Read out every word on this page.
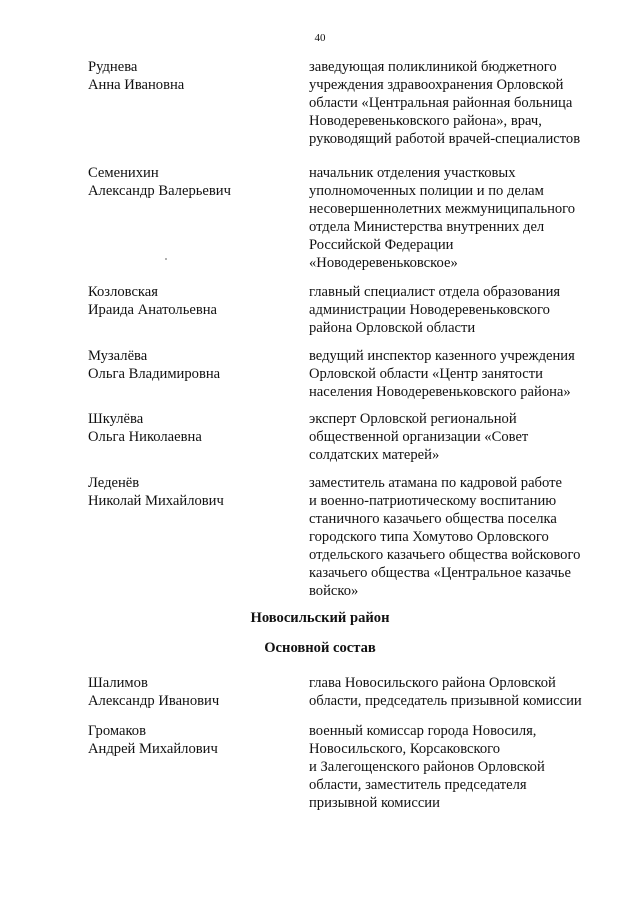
40
Руднева
Анна Ивановна
заведующая поликлиникой бюджетного
учреждения здравоохранения Орловской
области «Центральная районная больница
Новодеревеньковского района», врач,
руководящий работой врачей-специалистов
Семенихин
Александр Валерьевич
начальник отделения участковых
уполномоченных полиции и по делам
несовершеннолетних межмуниципального
отдела Министерства внутренних дел
Российской Федерации
«Новодеревеньковское»
Козловская
Ираида Анатольевна
главный специалист отдела образования
администрации Новодеревеньковского
района Орловской области
Музалёва
Ольга Владимировна
ведущий инспектор казенного учреждения
Орловской области «Центр занятости
населения Новодеревеньковского района»
Шкулёва
Ольга Николаевна
эксперт Орловской региональной
общественной организации «Совет
солдатских матерей»
Леденёв
Николай Михайлович
заместитель атамана по кадровой работе
и военно-патриотическому воспитанию
станичного казачьего общества поселка
городского типа Хомутово Орловского
отдельского казачьего общества войскового
казачьего общества «Центральное казачье
войско»
Новосильский район
Основной состав
Шалимов
Александр Иванович
глава Новосильского района Орловской
области, председатель призывной комиссии
Громаков
Андрей Михайлович
военный комиссар города Новосиля,
Новосильского, Корсаковского
и Залегощенского районов Орловской
области, заместитель председателя
призывной комиссии
